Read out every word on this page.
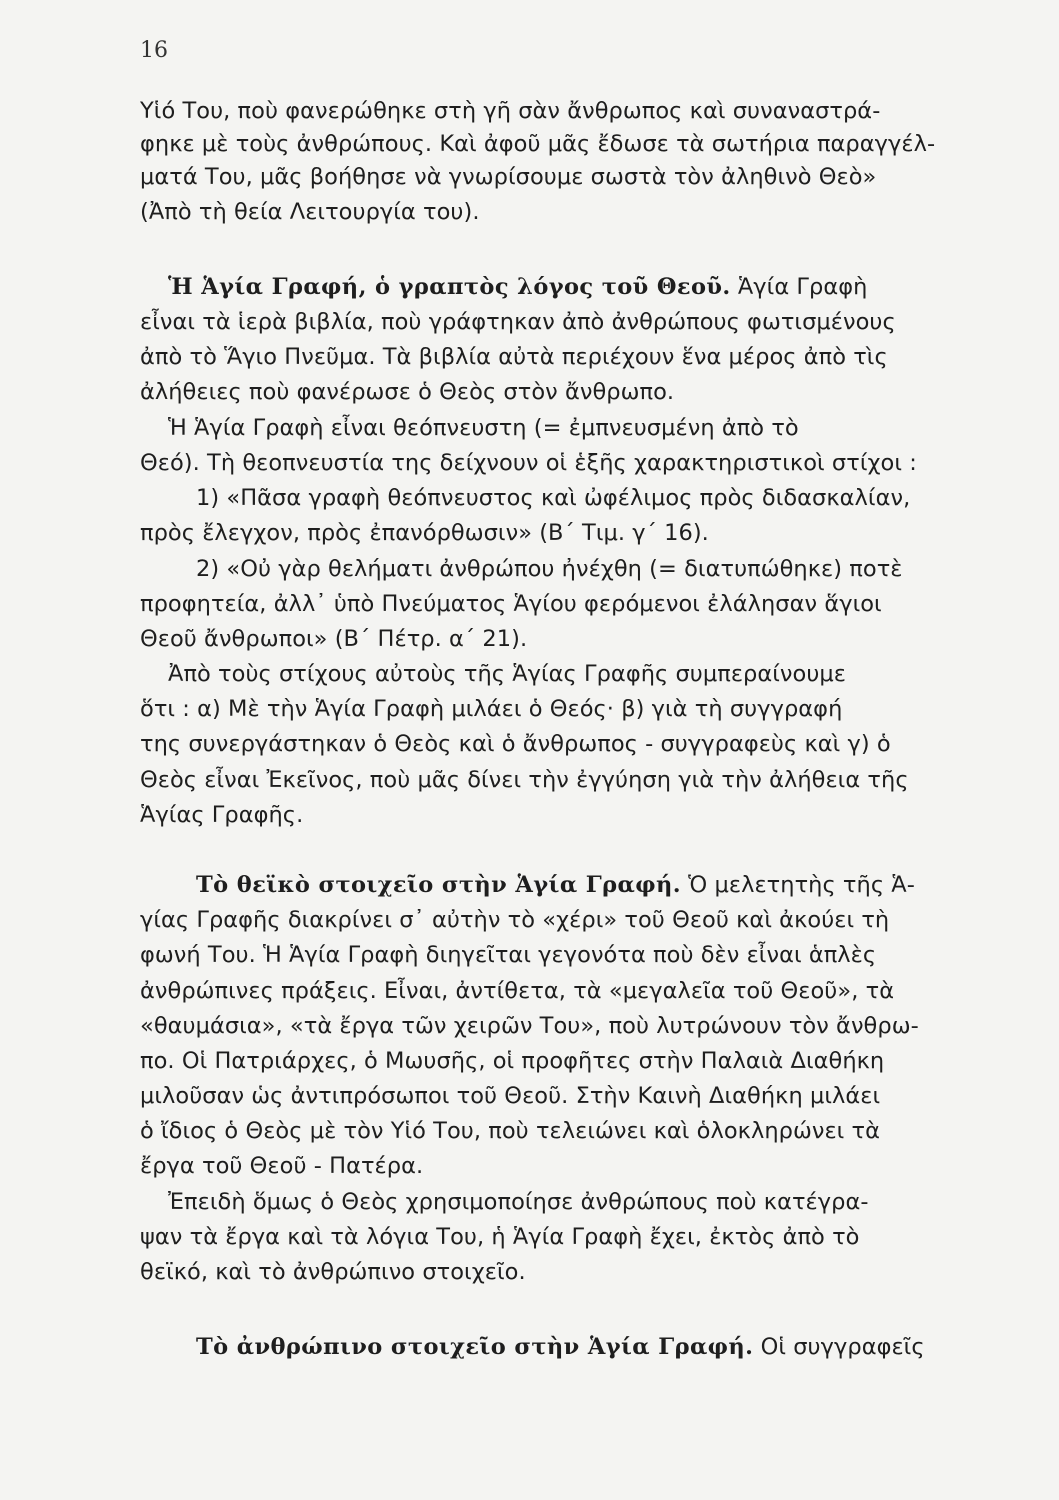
16
Υἱό Του, ποὺ φανερώθηκε στὴ γῆ σὰν ἄνθρωπος καὶ συναναστρά-
φηκε μὲ τοὺς ἀνθρώπους. Καὶ ἀφοῦ μᾶς ἔδωσε τὰ σωτήρια παραγγέλ-
ματά Του, μᾶς βοήθησε νὰ γνωρίσουμε σωστὰ τὸν ἀληθινὸ Θεὸ»
(Ἀπὸ τὴ θεία Λειτουργία του).
Ἡ Ἁγία Γραφή, ὁ γραπτὸς λόγος τοῦ Θεοῦ. Ἁγία Γραφὴ
εἶναι τὰ ἱερὰ βιβλία, ποὺ γράφτηκαν ἀπὸ ἀνθρώπους φωτισμένους
ἀπὸ τὸ Ἅγιο Πνεῦμα. Τὰ βιβλία αὐτὰ περιέχουν ἕνα μέρος ἀπὸ τὶς
ἀλήθειες ποὺ φανέρωσε ὁ Θεὸς στὸν ἄνθρωπο.
Ἡ Ἁγία Γραφὴ εἶναι θεόπνευστη (= ἐμπνευσμένη ἀπὸ τὸ
Θεό). Τὴ θεοπνευστία της δείχνουν οἱ ἑξῆς χαρακτηριστικοὶ στίχοι :
1) «Πᾶσα γραφὴ θεόπνευστος καὶ ὠφέλιμος πρὸς διδασκαλίαν,
πρὸς ἔλεγχον, πρὸς ἐπανόρθωσιν» (Β΄ Τιμ. γ΄ 16).
2) «Οὐ γὰρ θελήματι ἀνθρώπου ἠνέχθη (= διατυπώθηκε) ποτὲ
προφητεία, ἀλλ᾽ ὑπὸ Πνεύματος Ἁγίου φερόμενοι ἐλάλησαν ἅγιοι
Θεοῦ ἄνθρωποι» (Β΄ Πέτρ. α΄ 21).
Ἀπὸ τοὺς στίχους αὐτοὺς τῆς Ἁγίας Γραφῆς συμπεραίνουμε
ὅτι : α) Μὲ τὴν Ἁγία Γραφὴ μιλάει ὁ Θεός· β) γιὰ τὴ συγγραφή
της συνεργάστηκαν ὁ Θεὸς καὶ ὁ ἄνθρωπος - συγγραφεὺς καὶ γ) ὁ
Θεὸς εἶναι Ἐκεῖνος, ποὺ μᾶς δίνει τὴν ἐγγύηση γιὰ τὴν ἀλήθεια τῆς
Ἁγίας Γραφῆς.
Τὸ θεϊκὸ στοιχεῖο στὴν Ἁγία Γραφή. Ὁ μελετητὴς τῆς Ἁ-
γίας Γραφῆς διακρίνει σ᾽ αὐτὴν τὸ «χέρι» τοῦ Θεοῦ καὶ ἀκούει τὴ
φωνή Του. Ἡ Ἁγία Γραφὴ διηγεῖται γεγονότα ποὺ δὲν εἶναι ἁπλὲς
ἀνθρώπινες πράξεις. Εἶναι, ἀντίθετα, τὰ «μεγαλεῖα τοῦ Θεοῦ», τὰ
«θαυμάσια», «τὰ ἔργα τῶν χειρῶν Του», ποὺ λυτρώνουν τὸν ἄνθρω-
πο. Οἱ Πατριάρχες, ὁ Μωυσῆς, οἱ προφῆτες στὴν Παλαιὰ Διαθήκη
μιλοῦσαν ὡς ἀντιπρόσωποι τοῦ Θεοῦ. Στὴν Καινὴ Διαθήκη μιλάει
ὁ ἴδιος ὁ Θεὸς μὲ τὸν Υἱό Του, ποὺ τελειώνει καὶ ὁλοκληρώνει τὰ
ἔργα τοῦ Θεοῦ - Πατέρα.
Ἐπειδὴ ὅμως ὁ Θεὸς χρησιμοποίησε ἀνθρώπους ποὺ κατέγρα-
ψαν τὰ ἔργα καὶ τὰ λόγια Του, ἡ Ἁγία Γραφὴ ἔχει, ἐκτὸς ἀπὸ τὸ
θεϊκό, καὶ τὸ ἀνθρώπινο στοιχεῖο.
Τὸ ἀνθρώπινο στοιχεῖο στὴν Ἁγία Γραφή. Οἱ συγγραφεῖς
